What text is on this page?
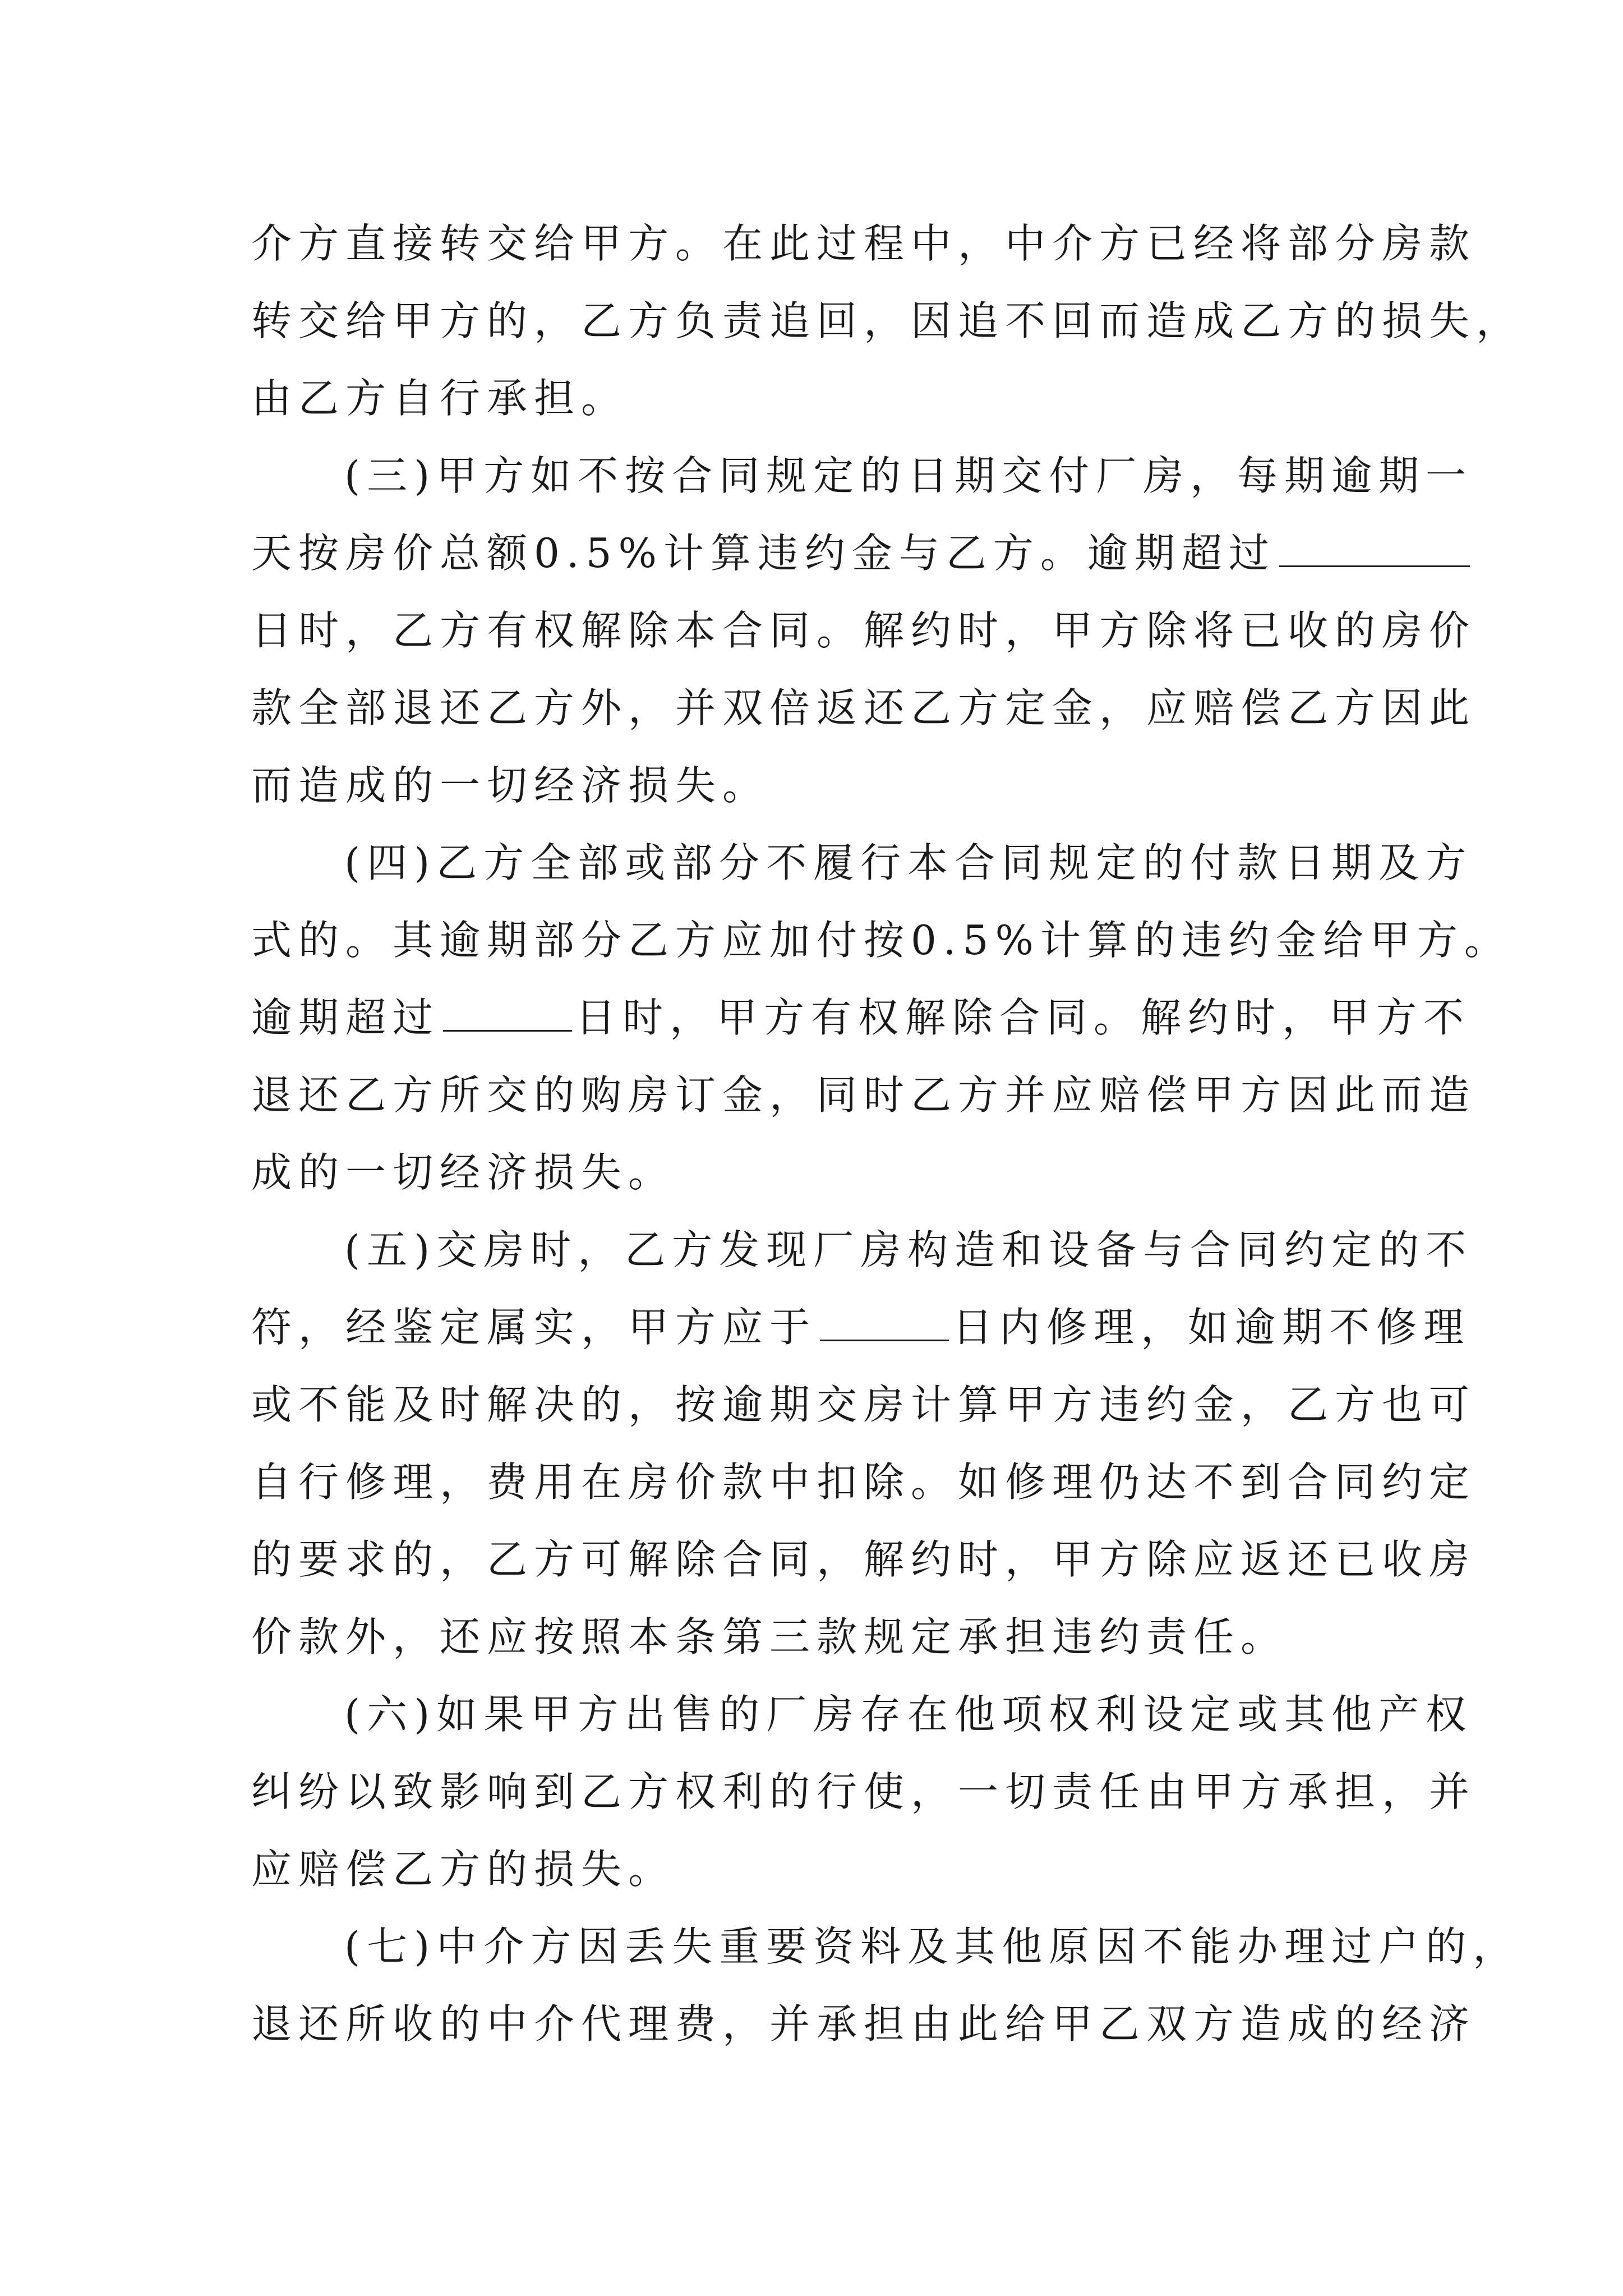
介方直接转交给甲方。在此过程中，中介方已经将部分房款
转交给甲方的，乙方负责追回，因追不回而造成乙方的损失，
由乙方自行承担。
(三)甲方如不按合同规定的日期交付厂房，每期逾期一
天按房价总额0.5%计算违约金与乙方。逾期超过
日时，乙方有权解除本合同。解约时，甲方除将已收的房价
款全部退还乙方外，并双倍返还乙方定金，应赔偿乙方因此
而造成的一切经济损失。
(四)乙方全部或部分不履行本合同规定的付款日期及方
式的。其逾期部分乙方应加付按0.5%计算的违约金给甲方。
逾期超过	日时，甲方有权解除合同。解约时，甲方不
退还乙方所交的购房订金，同时乙方并应赔偿甲方因此而造
成的一切经济损失。
(五)交房时，乙方发现厂房构造和设备与合同约定的不
符，经鉴定属实，甲方应于	日内修理，如逾期不修理
或不能及时解决的，按逾期交房计算甲方违约金，乙方也可
自行修理，费用在房价款中扣除。如修理仍达不到合同约定
的要求的，乙方可解除合同，解约时，甲方除应返还已收房
价款外，还应按照本条第三款规定承担违约责任。
(六)如果甲方出售的厂房存在他项权利设定或其他产权
纠纷以致影响到乙方权利的行使，一切责任由甲方承担，并
应赔偿乙方的损失。
(七)中介方因丢失重要资料及其他原因不能办理过户的，
退还所收的中介代理费，并承担由此给甲乙双方造成的经济
